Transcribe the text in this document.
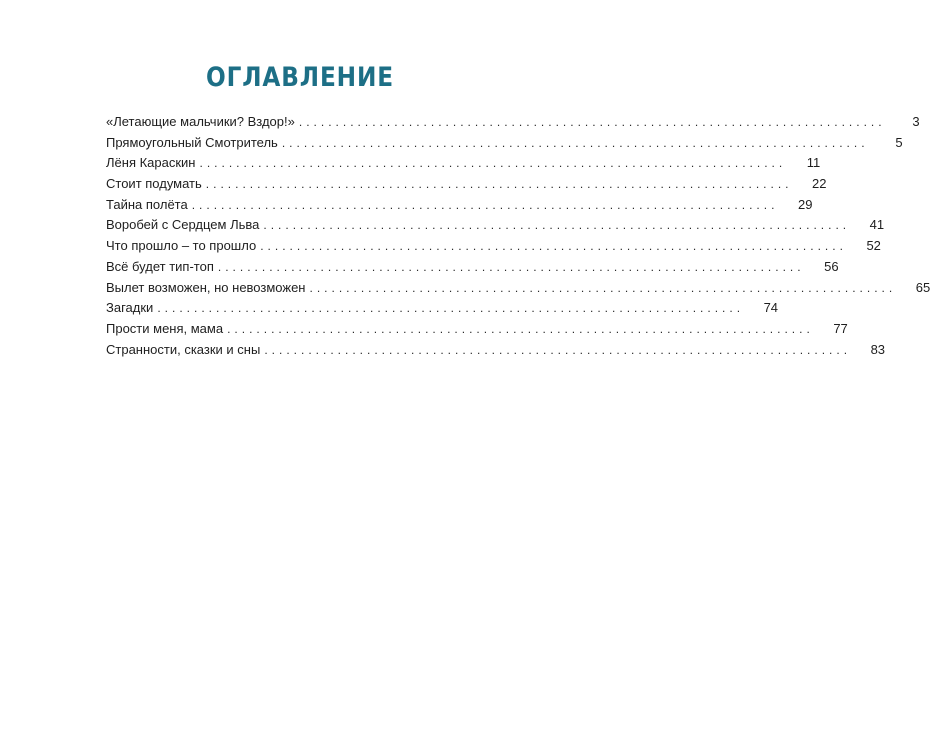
ОГЛАВЛЕНИЕ
«Летающие мальчики? Вздор!» ................................................................................	3
Прямоугольный Смотритель ................................................................................	5
Лёня Караскин ................................................................................	11
Стоит подумать ................................................................................	22
Тайна полёта ................................................................................	29
Воробей с Сердцем Льва ................................................................................	41
Что прошло – то прошло ................................................................................	52
Всё будет тип-топ ................................................................................	56
Вылет возможен, но невозможен ................................................................................	65
Загадки ................................................................................	74
Прости меня, мама ................................................................................	77
Странности, сказки и сны ................................................................................	83
